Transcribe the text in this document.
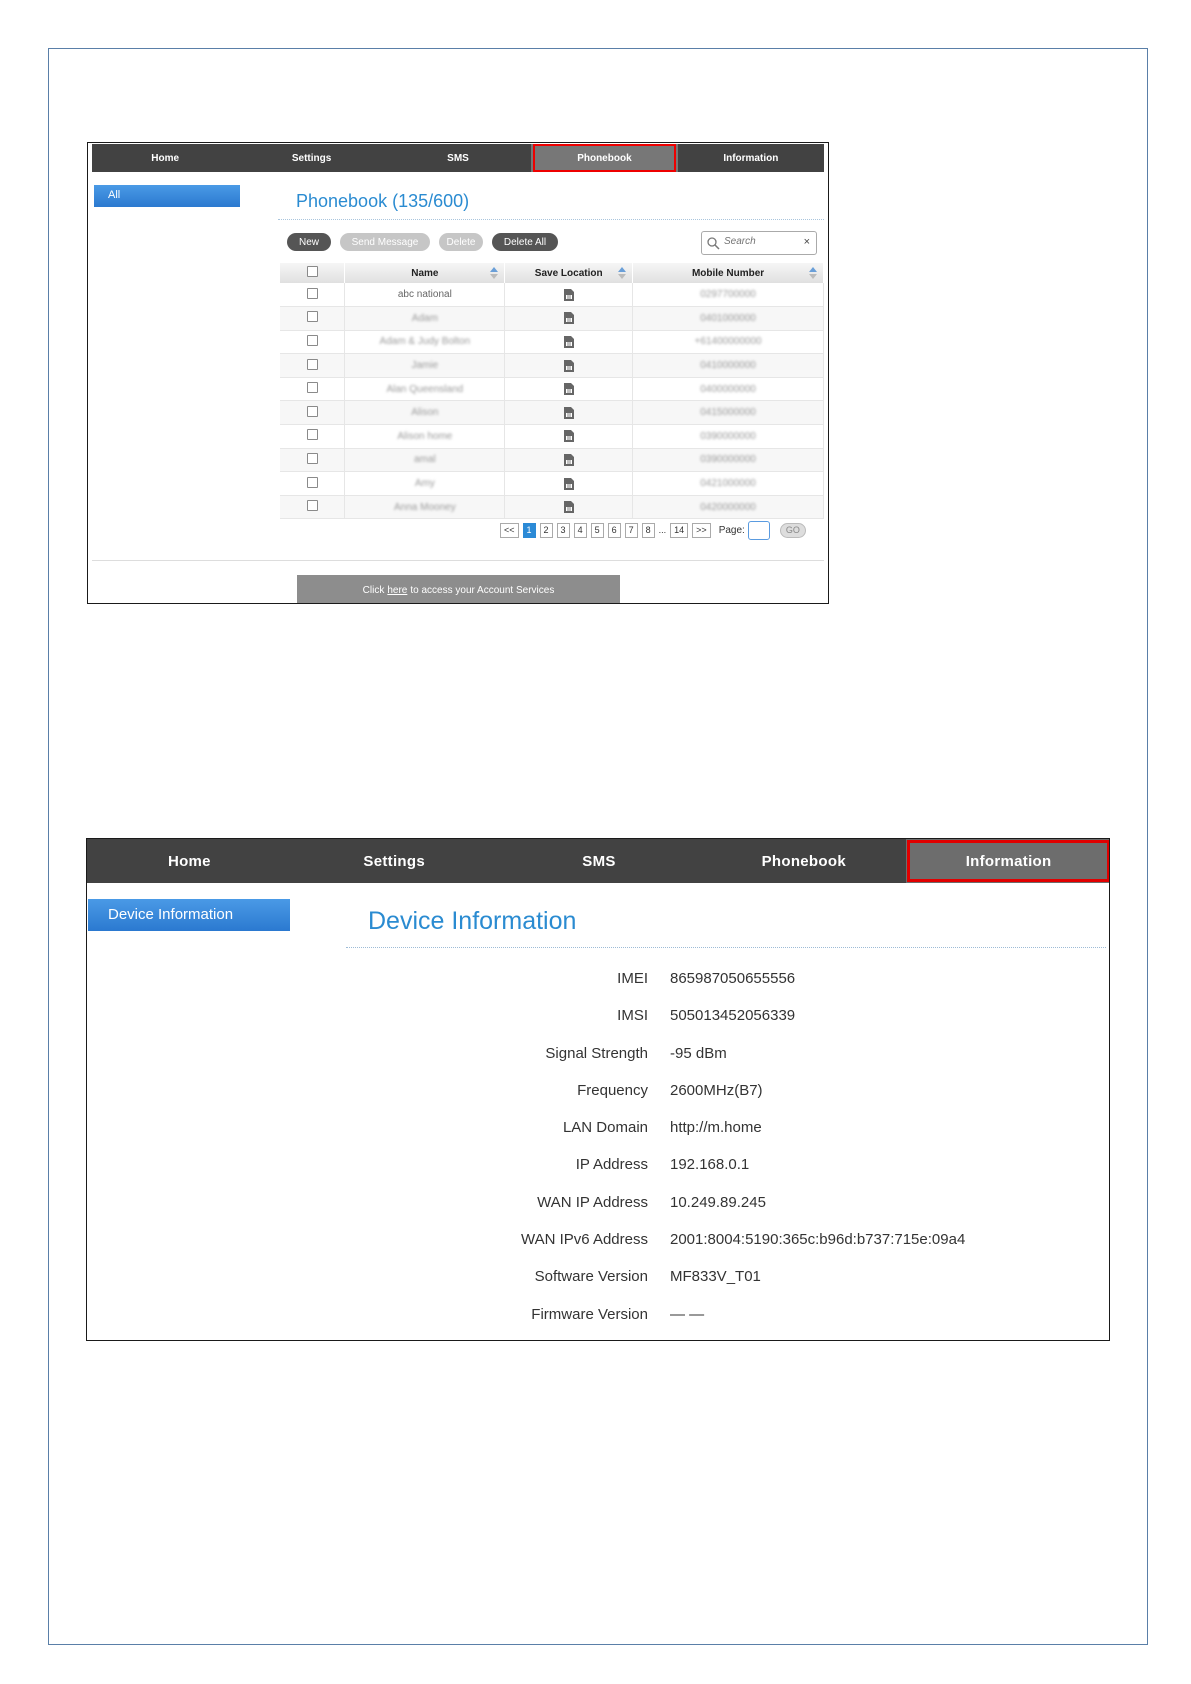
Home	Settings	SMS	Phonebook	Information
All	Phonebook (135/600)
New	Send Message	Delete	Delete All
Search	×
	Name	Save Location	Mobile Number

	abc national		0297700000
	Adam		0401000000
	Adam & Judy Bolton		+61400000000
	Jamie		0410000000
	Alan Queensland		0400000000
	Alison		0415000000
	Alison home		0390000000
	amal		0390000000
	Amy		0421000000
	Anna Mooney		0420000000
<<	1	2	3	4	5	6	7	8 ... 14	>>	Page:	GO
Click here to access your Account Services
Home	Settings	SMS	Phonebook	Information
Device Information	Device Information
IMEI 865987050655556
IMSI 505013452056339
Signal Strength -95 dBm
Frequency 2600MHz(B7)
LAN Domain http://m.home
IP Address 192.168.0.1
WAN IP Address 10.249.89.245
WAN IPv6 Address 2001:8004:5190:365c:b96d:b737:715e:09a4
Software Version MF833V_T01
Firmware Version — —
